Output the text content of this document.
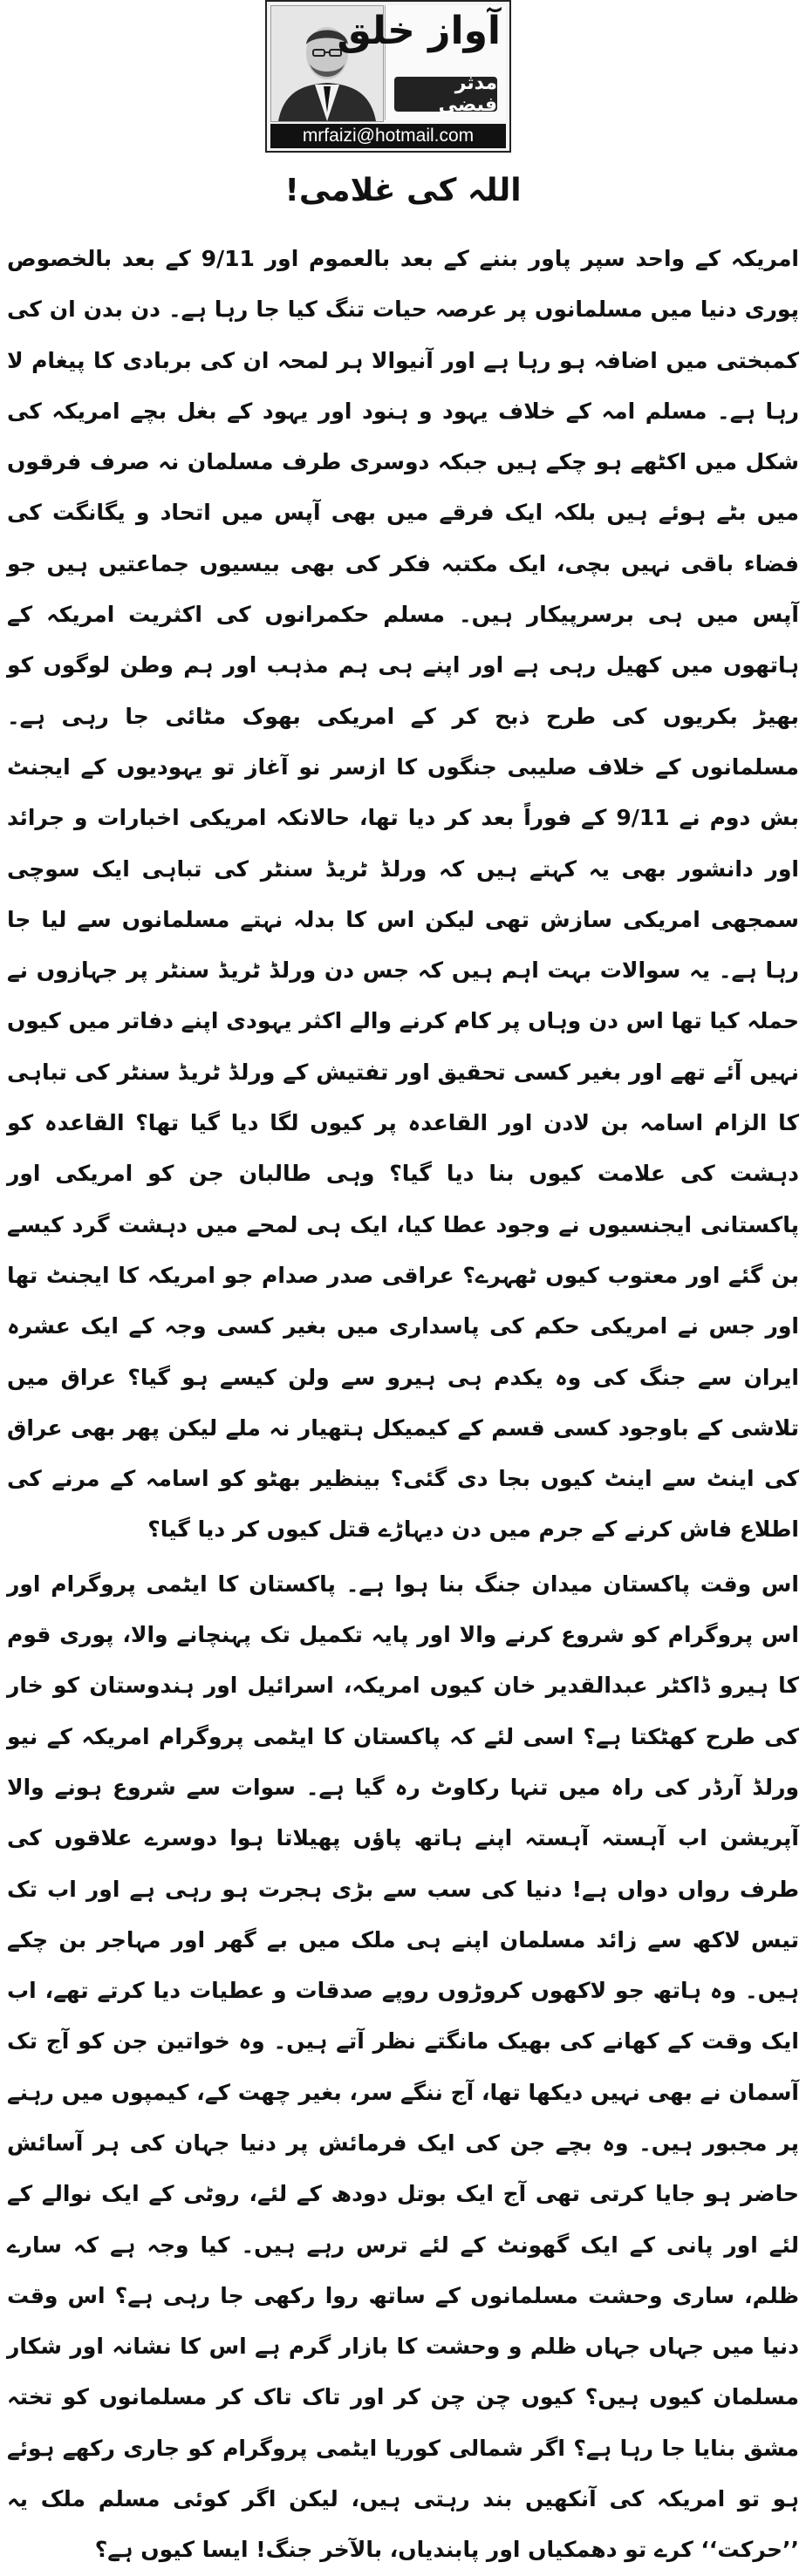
آواز خلق
مدثر فیضی
mrfaizi@hotmail.com
اللہ کی غلامی!

امریکہ کے واحد سپر پاور بننے کے بعد بالعموم اور 9/11 کے بعد بالخصوص پوری دنیا میں مسلمانوں پر عرصہ حیات تنگ کیا جا رہا ہے۔ دن بدن ان کی کمبختی میں اضافہ ہو رہا ہے اور آنیوالا ہر لمحہ ان کی بربادی کا پیغام لا رہا ہے۔ مسلم امہ کے خلاف یہود و ہنود اور یہود کے بغل بچے امریکہ کی شکل میں اکٹھے ہو چکے ہیں جبکہ دوسری طرف مسلمان نہ صرف فرقوں میں بٹے ہوئے ہیں بلکہ ایک فرقے میں بھی آپس میں اتحاد و یگانگت کی فضاء باقی نہیں بچی، ایک مکتبہ فکر کی بھی بیسیوں جماعتیں ہیں جو آپس میں ہی برسرپیکار ہیں۔ مسلم حکمرانوں کی اکثریت امریکہ کے ہاتھوں میں کھیل رہی ہے اور اپنے ہی ہم مذہب اور ہم وطن لوگوں کو بھیڑ بکریوں کی طرح ذبح کر کے امریکی بھوک مٹائی جا رہی ہے۔ مسلمانوں کے خلاف صلیبی جنگوں کا ازسر نو آغاز تو یہودیوں کے ایجنٹ بش دوم نے 9/11 کے فوراً بعد کر دیا تھا، حالانکہ امریکی اخبارات و جرائد اور دانشور بھی یہ کہتے ہیں کہ ورلڈ ٹریڈ سنٹر کی تباہی ایک سوچی سمجھی امریکی سازش تھی لیکن اس کا بدلہ نہتے مسلمانوں سے لیا جا رہا ہے۔ یہ سوالات بہت اہم ہیں کہ جس دن ورلڈ ٹریڈ سنٹر پر جہازوں نے حملہ کیا تھا اس دن وہاں پر کام کرنے والے اکثر یہودی اپنے دفاتر میں کیوں نہیں آئے تھے اور بغیر کسی تحقیق اور تفتیش کے ورلڈ ٹریڈ سنٹر کی تباہی کا الزام اسامہ بن لادن اور القاعدہ پر کیوں لگا دیا گیا تھا؟ القاعدہ کو دہشت کی علامت کیوں بنا دیا گیا؟ وہی طالبان جن کو امریکی اور پاکستانی ایجنسیوں نے وجود عطا کیا، ایک ہی لمحے میں دہشت گرد کیسے بن گئے اور معتوب کیوں ٹھہرے؟ عراقی صدر صدام جو امریکہ کا ایجنٹ تھا اور جس نے امریکی حکم کی پاسداری میں بغیر کسی وجہ کے ایک عشرہ ایران سے جنگ کی وہ یکدم ہی ہیرو سے ولن کیسے ہو گیا؟ عراق میں تلاشی کے باوجود کسی قسم کے کیمیکل ہتھیار نہ ملے لیکن پھر بھی عراق کی اینٹ سے اینٹ کیوں بجا دی گئی؟ بینظیر بھٹو کو اسامہ کے مرنے کی اطلاع فاش کرنے کے جرم میں دن دیہاڑے قتل کیوں کر دیا گیا؟

اس وقت پاکستان میدان جنگ بنا ہوا ہے۔ پاکستان کا ایٹمی پروگرام اور اس پروگرام کو شروع کرنے والا اور پایہ تکمیل تک پہنچانے والا، پوری قوم کا ہیرو ڈاکٹر عبدالقدیر خان کیوں امریکہ، اسرائیل اور ہندوستان کو خار کی طرح کھٹکتا ہے؟ اسی لئے کہ پاکستان کا ایٹمی پروگرام امریکہ کے نیو ورلڈ آرڈر کی راہ میں تنہا رکاوٹ رہ گیا ہے۔ سوات سے شروع ہونے والا آپریشن اب آہستہ آہستہ اپنے ہاتھ پاؤں پھیلاتا ہوا دوسرے علاقوں کی طرف رواں دواں ہے! دنیا کی سب سے بڑی ہجرت ہو رہی ہے اور اب تک تیس لاکھ سے زائد مسلمان اپنے ہی ملک میں بے گھر اور مہاجر بن چکے ہیں۔ وہ ہاتھ جو لاکھوں کروڑوں روپے صدقات و عطیات دیا کرتے تھے، اب ایک وقت کے کھانے کی بھیک مانگتے نظر آتے ہیں۔ وہ خواتین جن کو آج تک آسمان نے بھی نہیں دیکھا تھا، آج ننگے سر، بغیر چھت کے، کیمپوں میں رہنے پر مجبور ہیں۔ وہ بچے جن کی ایک فرمائش پر دنیا جہان کی ہر آسائش حاضر ہو جایا کرتی تھی آج ایک بوتل دودھ کے لئے، روٹی کے ایک نوالے کے لئے اور پانی کے ایک گھونٹ کے لئے ترس رہے ہیں۔ کیا وجہ ہے کہ سارے ظلم، ساری وحشت مسلمانوں کے ساتھ روا رکھی جا رہی ہے؟ اس وقت دنیا میں جہاں جہاں ظلم و وحشت کا بازار گرم ہے اس کا نشانہ اور شکار مسلمان کیوں ہیں؟ کیوں چن چن کر اور تاک تاک کر مسلمانوں کو تختہ مشق بنایا جا رہا ہے؟ اگر شمالی کوریا ایٹمی پروگرام کو جاری رکھے ہوئے ہو تو امریکہ کی آنکھیں بند رہتی ہیں، لیکن اگر کوئی مسلم ملک یہ ’’حرکت‘‘ کرے تو دھمکیاں اور پابندیاں، بالآخر جنگ! ایسا کیوں ہے؟
